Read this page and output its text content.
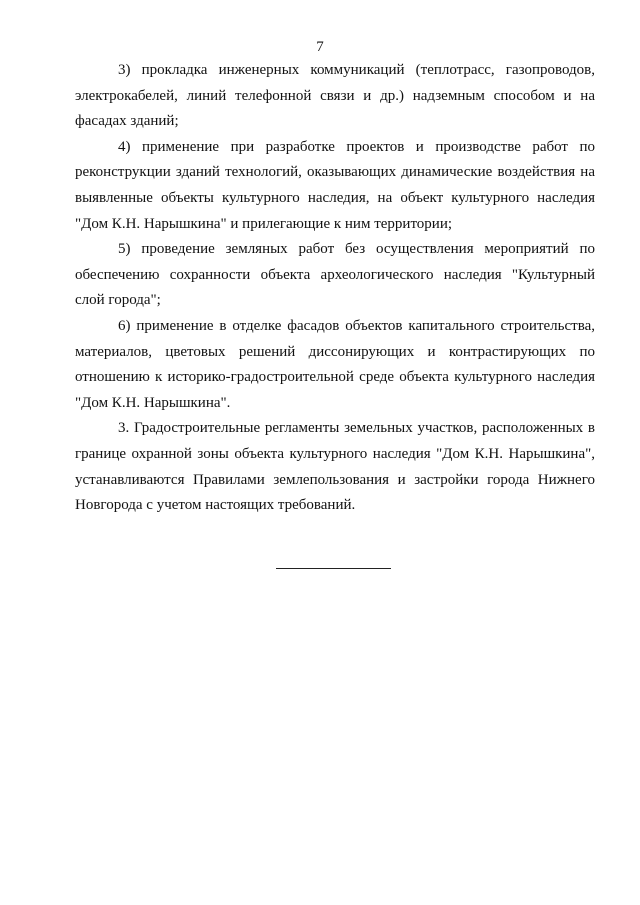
7

3) прокладка инженерных коммуникаций (теплотрасс, газопроводов, электрокабелей, линий телефонной связи и др.) надземным способом и на фасадах зданий;

4) применение при разработке проектов и производстве работ по реконструкции зданий технологий, оказывающих динамические воздействия на выявленные объекты культурного наследия, на объект культурного наследия "Дом К.Н. Нарышкина" и прилегающие к ним территории;

5) проведение земляных работ без осуществления мероприятий по обеспечению сохранности объекта археологического наследия "Культурный слой города";

6) применение в отделке фасадов объектов капитального строительства, материалов, цветовых решений диссонирующих и контрастирующих по отношению к историко-градостроительной среде объекта культурного наследия "Дом К.Н. Нарышкина".

3. Градостроительные регламенты земельных участков, расположенных в границе охранной зоны объекта культурного наследия "Дом К.Н. Нарышкина", устанавливаются Правилами землепользования и застройки города Нижнего Новгорода с учетом настоящих требований.
